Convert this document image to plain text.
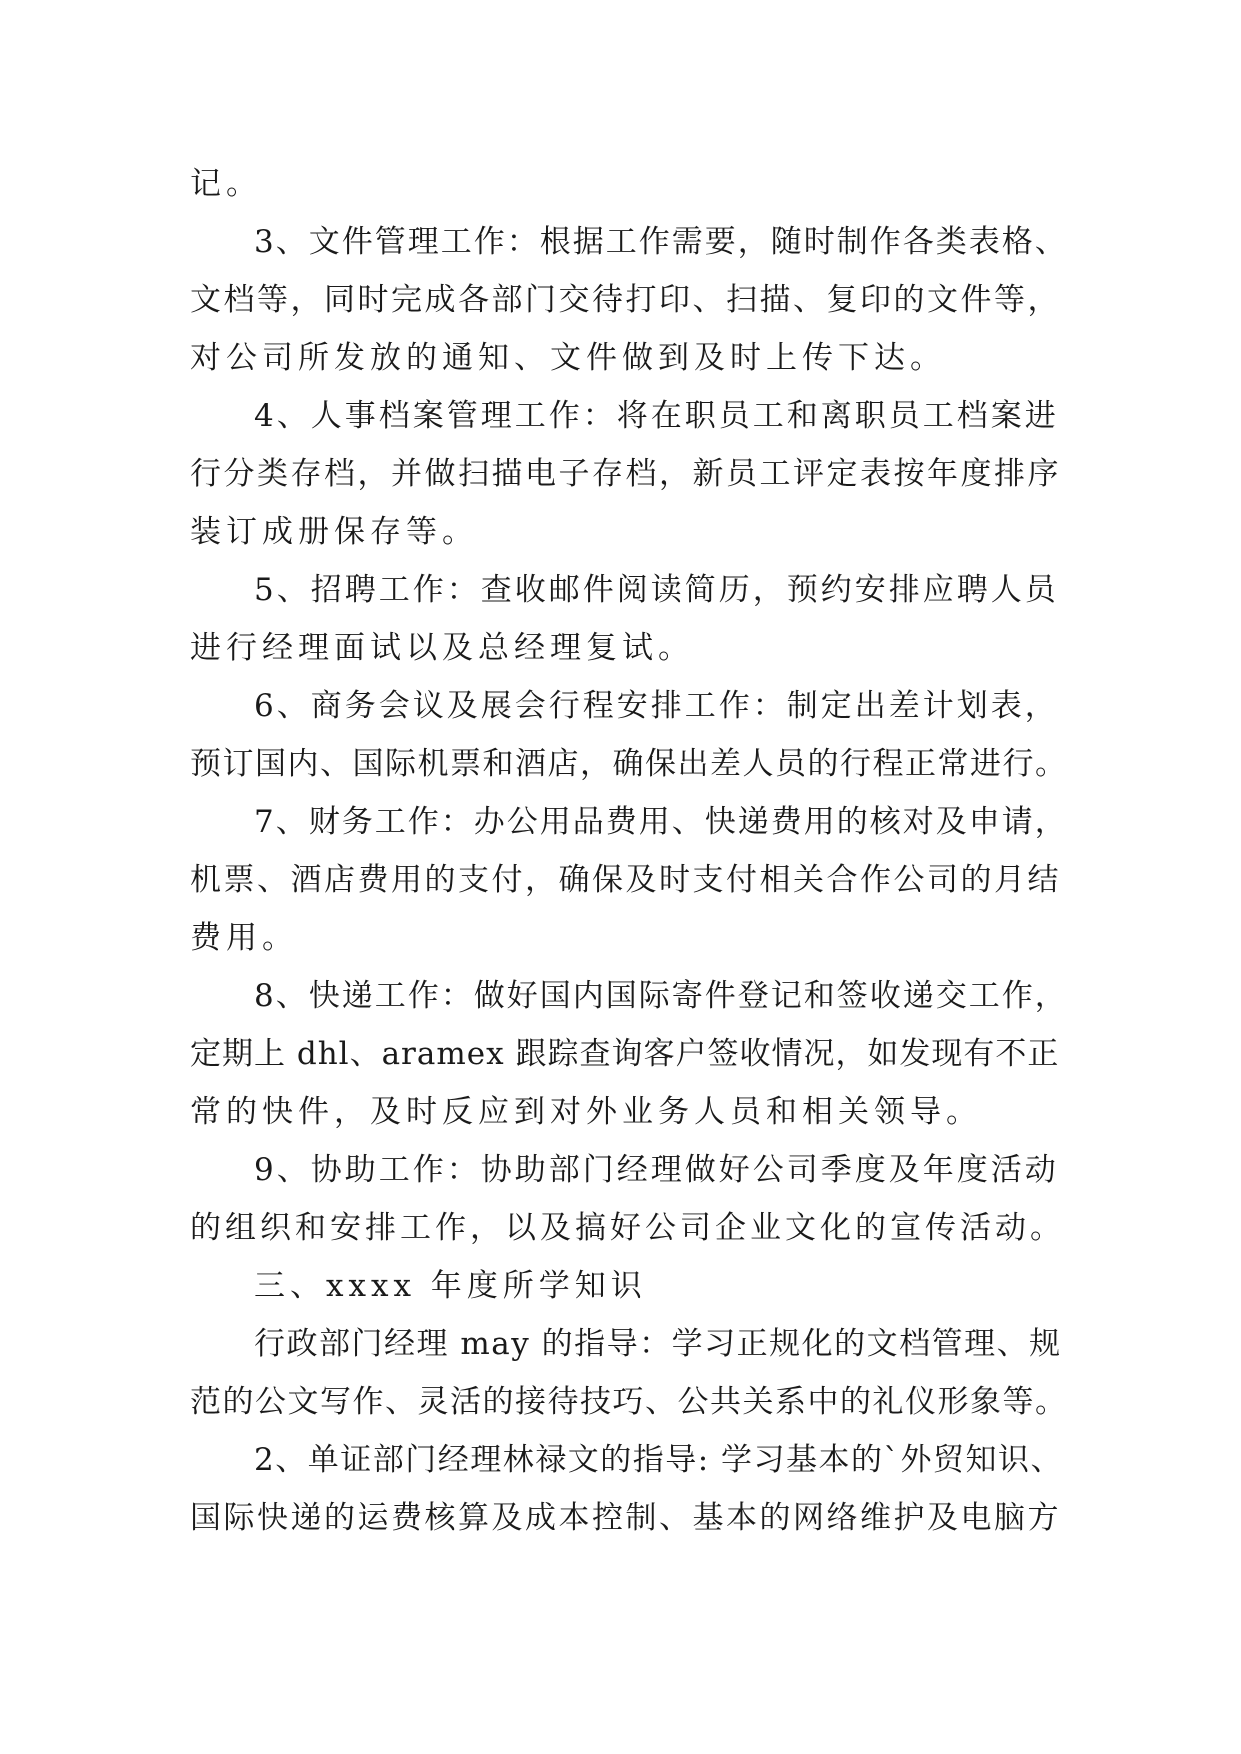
记。
3、文件管理工作：根据工作需要，随时制作各类表格、
文档等，同时完成各部门交待打印、扫描、复印的文件等，
对公司所发放的通知、文件做到及时上传下达。
4、人事档案管理工作：将在职员工和离职员工档案进
行分类存档，并做扫描电子存档，新员工评定表按年度排序
装订成册保存等。
5、招聘工作：查收邮件阅读简历，预约安排应聘人员
进行经理面试以及总经理复试。
6、商务会议及展会行程安排工作：制定出差计划表，
预订国内、国际机票和酒店，确保出差人员的行程正常进行。
7、财务工作：办公用品费用、快递费用的核对及申请，
机票、酒店费用的支付，确保及时支付相关合作公司的月结
费用。
8、快递工作：做好国内国际寄件登记和签收递交工作，
定期上 dhl、aramex 跟踪查询客户签收情况，如发现有不正
常的快件，及时反应到对外业务人员和相关领导。
9、协助工作：协助部门经理做好公司季度及年度活动
的组织和安排工作，以及搞好公司企业文化的宣传活动。
三、xxxx 年度所学知识
行政部门经理 may 的指导：学习正规化的文档管理、规
范的公文写作、灵活的接待技巧、公共关系中的礼仪形象等。
2、单证部门经理林禄文的指导: 学习基本的`外贸知识、
国际快递的运费核算及成本控制、基本的网络维护及电脑方
